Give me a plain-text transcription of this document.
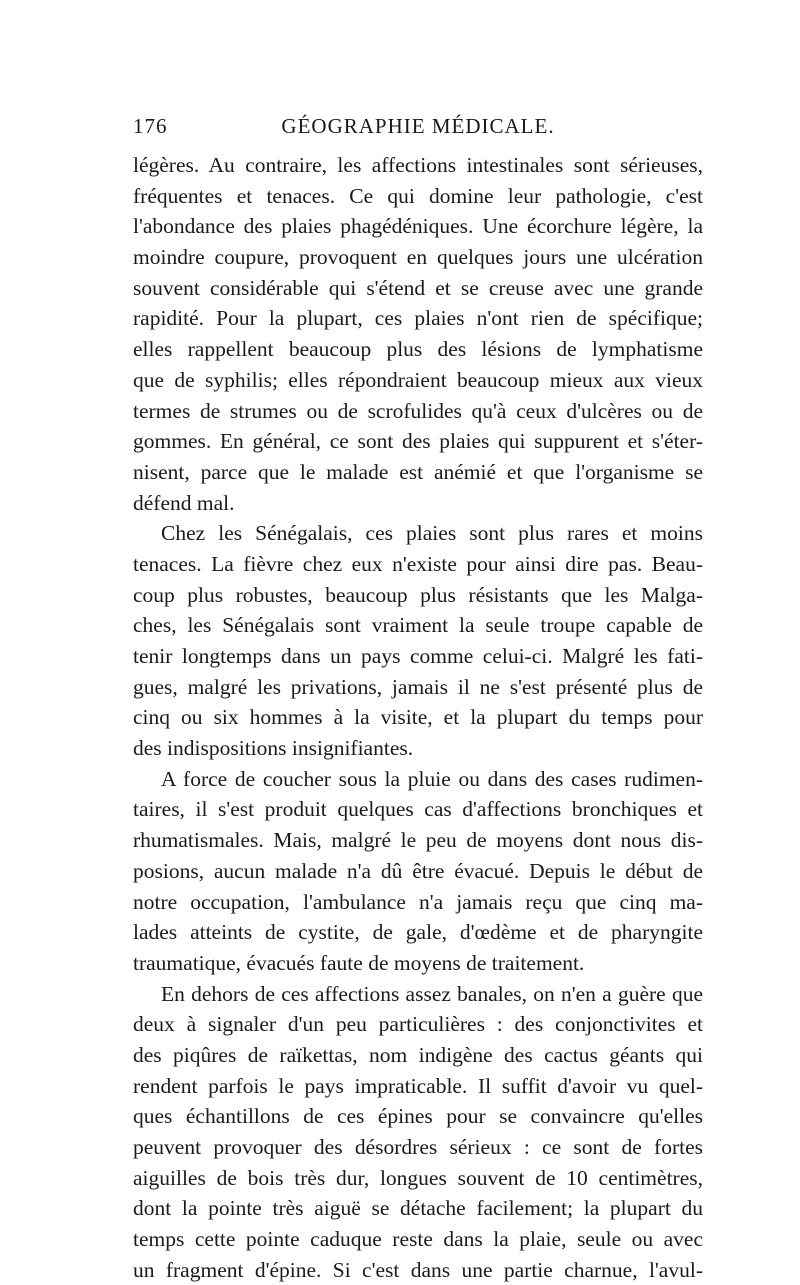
176	GÉOGRAPHIE MÉDICALE.
légères. Au contraire, les affections intestinales sont sérieuses,
fréquentes et tenaces. Ce qui domine leur pathologie, c'est
l'abondance des plaies phagédéniques. Une écorchure légère, la
moindre coupure, provoquent en quelques jours une ulcération
souvent considérable qui s'étend et se creuse avec une grande
rapidité. Pour la plupart, ces plaies n'ont rien de spécifique;
elles rappellent beaucoup plus des lésions de lymphatisme
que de syphilis; elles répondraient beaucoup mieux aux vieux
termes de strumes ou de scrofulides qu'à ceux d'ulcères ou de
gommes. En général, ce sont des plaies qui suppurent et s'éter-
nisent, parce que le malade est anémié et que l'organisme se
défend mal.
Chez les Sénégalais, ces plaies sont plus rares et moins
tenaces. La fièvre chez eux n'existe pour ainsi dire pas. Beau-
coup plus robustes, beaucoup plus résistants que les Malga-
ches, les Sénégalais sont vraiment la seule troupe capable de
tenir longtemps dans un pays comme celui-ci. Malgré les fati-
gues, malgré les privations, jamais il ne s'est présenté plus de
cinq ou six hommes à la visite, et la plupart du temps pour
des indispositions insignifiantes.
A force de coucher sous la pluie ou dans des cases rudimen-
taires, il s'est produit quelques cas d'affections bronchiques et
rhumatismales. Mais, malgré le peu de moyens dont nous dis-
posions, aucun malade n'a dû être évacué. Depuis le début de
notre occupation, l'ambulance n'a jamais reçu que cinq ma-
lades atteints de cystite, de gale, d'œdème et de pharyngite
traumatique, évacués faute de moyens de traitement.
En dehors de ces affections assez banales, on n'en a guère que
deux à signaler d'un peu particulières : des conjonctivites et
des piqûres de raïkettas, nom indigène des cactus géants qui
rendent parfois le pays impraticable. Il suffit d'avoir vu quel-
ques échantillons de ces épines pour se convaincre qu'elles
peuvent provoquer des désordres sérieux : ce sont de fortes
aiguilles de bois très dur, longues souvent de 10 centimètres,
dont la pointe très aiguë se détache facilement; la plupart du
temps cette pointe caduque reste dans la plaie, seule ou avec
un fragment d'épine. Si c'est dans une partie charnue, l'avul-
